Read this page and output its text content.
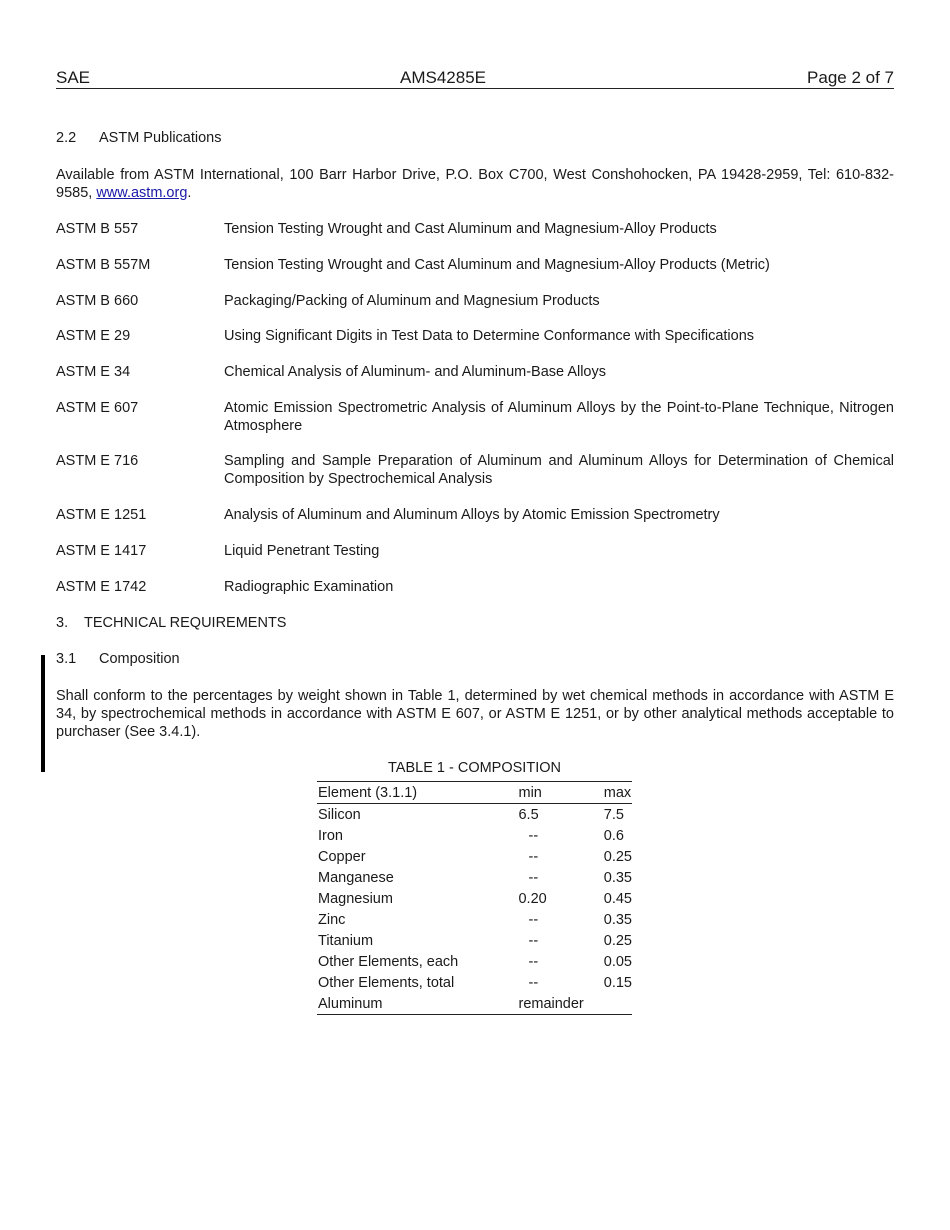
SAE	AMS4285E	Page 2 of 7
2.2 ASTM Publications
Available from ASTM International, 100 Barr Harbor Drive, P.O. Box C700, West Conshohocken, PA 19428-2959, Tel: 610-832-9585, www.astm.org.
ASTM B 557	Tension Testing Wrought and Cast Aluminum and Magnesium-Alloy Products
ASTM B 557M	Tension Testing Wrought and Cast Aluminum and Magnesium-Alloy Products (Metric)
ASTM B 660	Packaging/Packing of Aluminum and Magnesium Products
ASTM E 29	Using Significant Digits in Test Data to Determine Conformance with Specifications
ASTM E 34	Chemical Analysis of Aluminum- and Aluminum-Base Alloys
ASTM E 607	Atomic Emission Spectrometric Analysis of Aluminum Alloys by the Point-to-Plane Technique, Nitrogen Atmosphere
ASTM E 716	Sampling and Sample Preparation of Aluminum and Aluminum Alloys for Determination of Chemical Composition by Spectrochemical Analysis
ASTM E 1251	Analysis of Aluminum and Aluminum Alloys by Atomic Emission Spectrometry
ASTM E 1417	Liquid Penetrant Testing
ASTM E 1742	Radiographic Examination
3. TECHNICAL REQUIREMENTS
3.1 Composition
Shall conform to the percentages by weight shown in Table 1, determined by wet chemical methods in accordance with ASTM E 34, by spectrochemical methods in accordance with ASTM E 607, or ASTM E 1251, or by other analytical methods acceptable to purchaser (See 3.4.1).
TABLE 1 - COMPOSITION
Element (3.1.1)	min	max
Silicon	6.5	7.5
Iron	--	0.6
Copper	--	0.25
Manganese	--	0.35
Magnesium	0.20	0.45
Zinc	--	0.35
Titanium	--	0.25
Other Elements, each	--	0.05
Other Elements, total	--	0.15
Aluminum	remainder	
